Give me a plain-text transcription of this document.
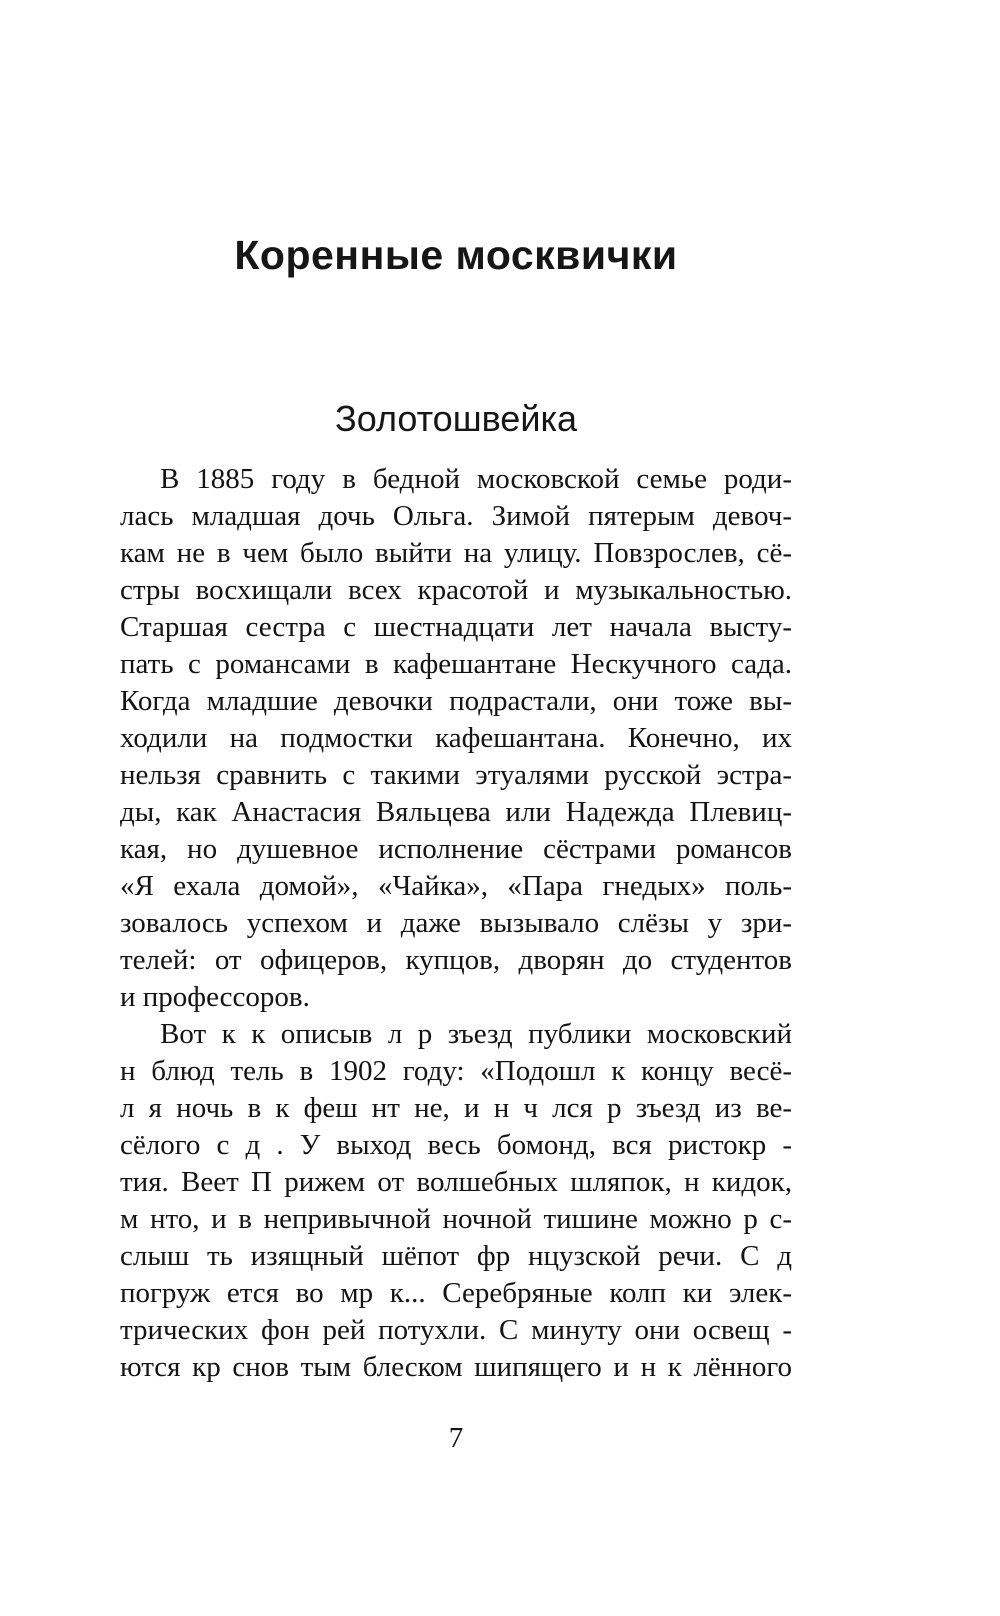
Коренные москвички
Золотошвейка
В 1885 году в бедной московской семье роди-
лась младшая дочь Ольга. Зимой пятерым девоч-
кам не в чем было выйти на улицу. Повзрослев, сё-
стры восхищали всех красотой и музыкальностью.
Старшая сестра с шестнадцати лет начала высту-
пать с романсами в кафешантане Нескучного сада.
Когда младшие девочки подрастали, они тоже вы-
ходили на подмостки кафешантана. Конечно, их
нельзя сравнить с такими этуалями русской эстра-
ды, как Анастасия Вяльцева или Надежда Плевиц-
кая, но душевное исполнение сёстрами романсов
«Я ехала домой», «Чайка», «Пара гнедых» поль-
зовалось успехом и даже вызывало слёзы у зри-
телей: от офицеров, купцов, дворян до студентов
и профессоров.
Вот к к описыв л р зъезд публики московский
н блюд тель в 1902 году: «Подошл к концу весё-
л я ночь в к феш нт не, и н ч лся р зъезд из ве-
сёлого с д . У выход весь бомонд, вся ристокр -
тия. Веет П рижем от волшебных шляпок, н кидок,
м нто, и в непривычной ночной тишине можно р с-
слыш ть изящный шёпот фр нцузской речи. С д
погруж ется во мр к... Серебряные колп ки элек-
трических фон рей потухли. С минуту они освещ -
ются кр снов тым блеском шипящего и н к лённого
7
